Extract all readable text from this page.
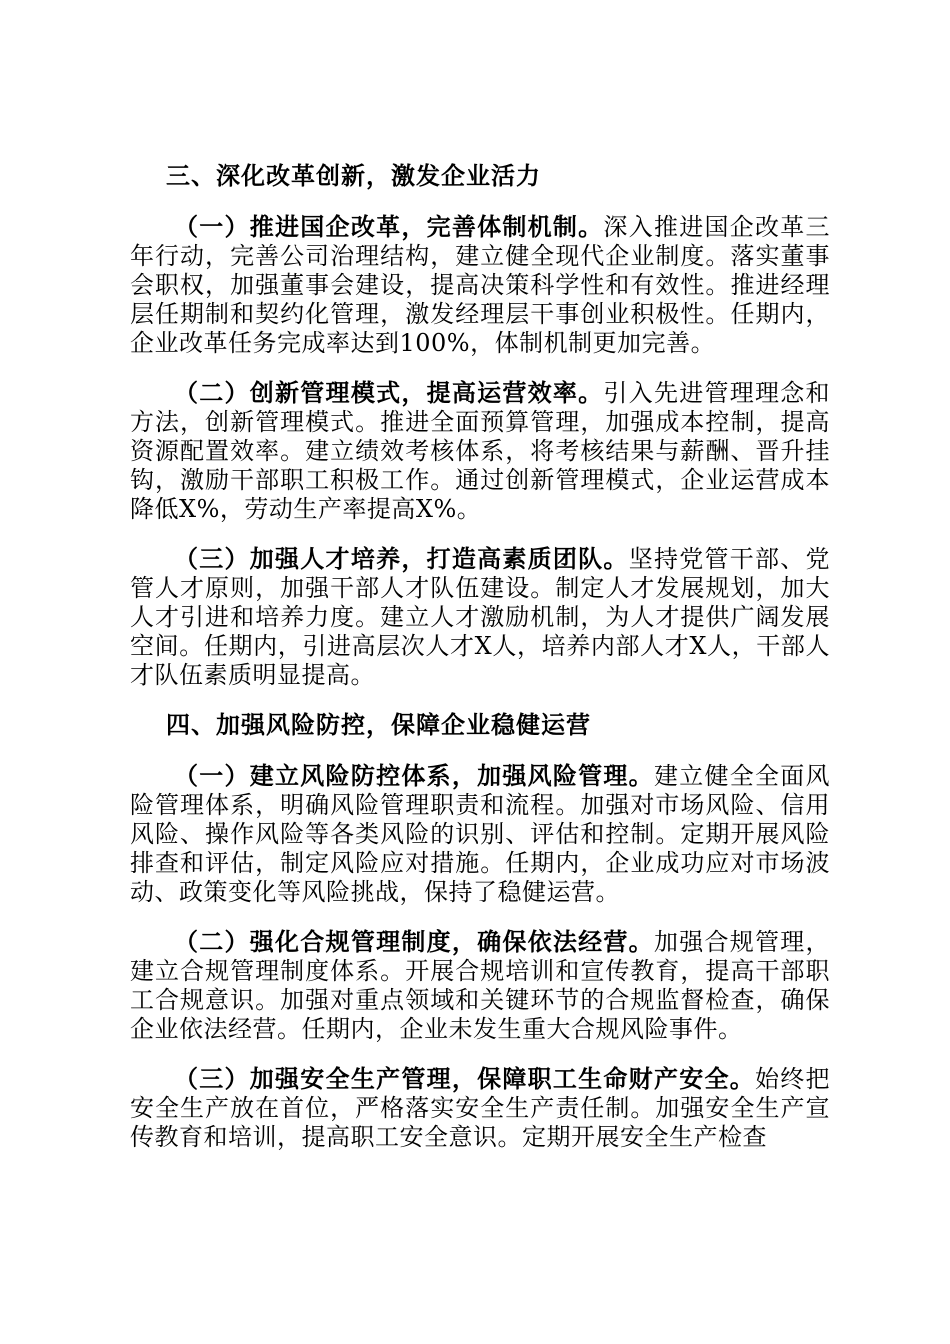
三、深化改革创新，激发企业活力

（一）推进国企改革，完善体制机制。深入推进国企改革三年行动，完善公司治理结构，建立健全现代企业制度。落实董事会职权，加强董事会建设，提高决策科学性和有效性。推进经理层任期制和契约化管理，激发经理层干事创业积极性。任期内，企业改革任务完成率达到100%，体制机制更加完善。

（二）创新管理模式，提高运营效率。引入先进管理理念和方法，创新管理模式。推进全面预算管理，加强成本控制，提高资源配置效率。建立绩效考核体系，将考核结果与薪酬、晋升挂钩，激励干部职工积极工作。通过创新管理模式，企业运营成本降低X%，劳动生产率提高X%。

（三）加强人才培养，打造高素质团队。坚持党管干部、党管人才原则，加强干部人才队伍建设。制定人才发展规划，加大人才引进和培养力度。建立人才激励机制，为人才提供广阔发展空间。任期内，引进高层次人才X人，培养内部人才X人，干部人才队伍素质明显提高。

四、加强风险防控，保障企业稳健运营

（一）建立风险防控体系，加强风险管理。建立健全全面风险管理体系，明确风险管理职责和流程。加强对市场风险、信用风险、操作风险等各类风险的识别、评估和控制。定期开展风险排查和评估，制定风险应对措施。任期内，企业成功应对市场波动、政策变化等风险挑战，保持了稳健运营。

（二）强化合规管理制度，确保依法经营。加强合规管理，建立合规管理制度体系。开展合规培训和宣传教育，提高干部职工合规意识。加强对重点领域和关键环节的合规监督检查，确保企业依法经营。任期内，企业未发生重大合规风险事件。

（三）加强安全生产管理，保障职工生命财产安全。始终把安全生产放在首位，严格落实安全生产责任制。加强安全生产宣传教育和培训，提高职工安全意识。定期开展安全生产检查
